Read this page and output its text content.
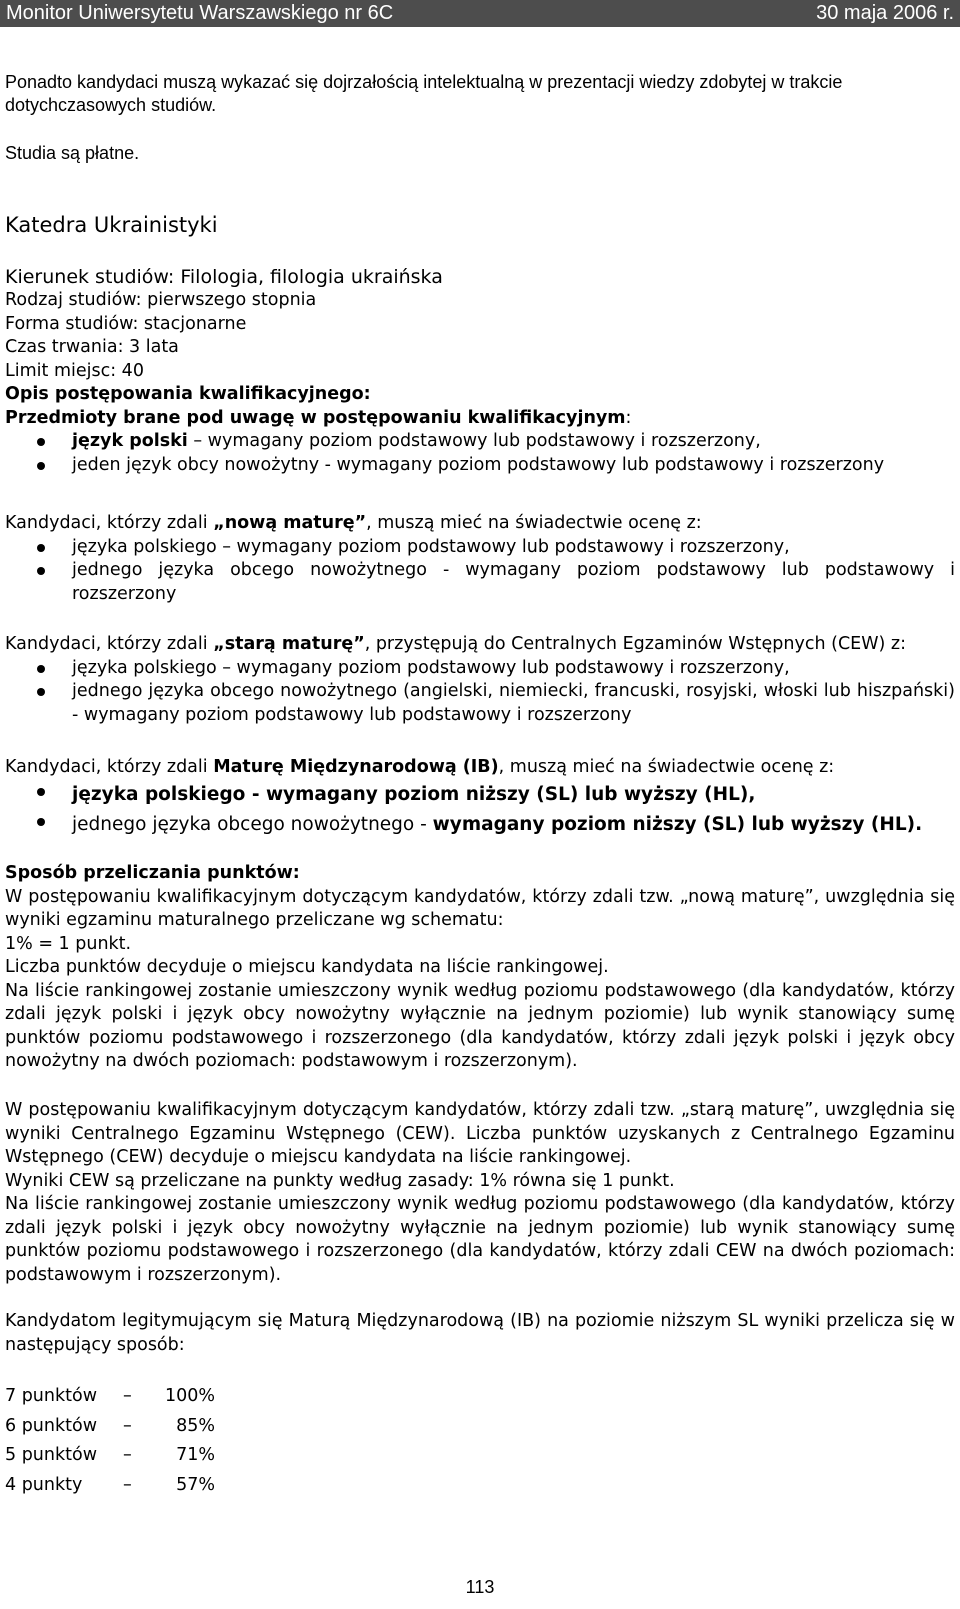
Monitor Uniwersytetu Warszawskiego nr 6C	30 maja 2006 r.
Ponadto kandydaci muszą wykazać się dojrzałością intelektualną w prezentacji wiedzy zdobytej w trakcie dotychczasowych studiów.
Studia są płatne.
Katedra Ukrainistyki
Kierunek studiów: Filologia, filologia ukraińska
Rodzaj studiów: pierwszego stopnia
Forma studiów: stacjonarne
Czas trwania: 3 lata
Limit miejsc: 40
Opis postępowania kwalifikacyjnego:
Przedmioty brane pod uwagę w postępowaniu kwalifikacyjnym:
język polski – wymagany poziom podstawowy lub podstawowy i rozszerzony,
jeden język obcy nowożytny - wymagany poziom podstawowy lub podstawowy i rozszerzony
Kandydaci, którzy zdali „nową maturę”, muszą mieć na świadectwie ocenę z:
języka polskiego – wymagany poziom podstawowy lub podstawowy i rozszerzony,
jednego języka obcego nowożytnego - wymagany poziom podstawowy lub podstawowy i rozszerzony
Kandydaci, którzy zdali „starą maturę”, przystępują do Centralnych Egzaminów Wstępnych (CEW) z:
języka polskiego – wymagany poziom podstawowy lub podstawowy i rozszerzony,
jednego języka obcego nowożytnego (angielski, niemiecki, francuski, rosyjski, włoski lub hiszpański) - wymagany poziom podstawowy lub podstawowy i rozszerzony
Kandydaci, którzy zdali Maturę Międzynarodową (IB), muszą mieć na świadectwie ocenę z:
języka polskiego - wymagany poziom niższy (SL) lub wyższy (HL),
jednego języka obcego nowożytnego - wymagany poziom niższy (SL) lub wyższy (HL).
Sposób przeliczania punktów:
W postępowaniu kwalifikacyjnym dotyczącym kandydatów, którzy zdali tzw. „nową maturę”, uwzględnia się wyniki egzaminu maturalnego przeliczane wg schematu:
1% = 1 punkt.
Liczba punktów decyduje o miejscu kandydata na liście rankingowej.
Na liście rankingowej zostanie umieszczony wynik według poziomu podstawowego (dla kandydatów, którzy zdali język polski i język obcy nowożytny wyłącznie na jednym poziomie) lub wynik stanowiący sumę punktów poziomu podstawowego i rozszerzonego (dla kandydatów, którzy zdali język polski i język obcy nowożytny na dwóch poziomach: podstawowym i rozszerzonym).
W postępowaniu kwalifikacyjnym dotyczącym kandydatów, którzy zdali tzw. „starą maturę”, uwzględnia się wyniki Centralnego Egzaminu Wstępnego (CEW). Liczba punktów uzyskanych z Centralnego Egzaminu Wstępnego (CEW) decyduje o miejscu kandydata na liście rankingowej.
Wyniki CEW są przeliczane na punkty według zasady: 1% równa się 1 punkt.
Na liście rankingowej zostanie umieszczony wynik według poziomu podstawowego (dla kandydatów, którzy zdali język polski i język obcy nowożytny wyłącznie na jednym poziomie) lub wynik stanowiący sumę punktów poziomu podstawowego i rozszerzonego (dla kandydatów, którzy zdali CEW na dwóch poziomach: podstawowym i rozszerzonym).
Kandydatom legitymującym się Maturą Międzynarodową (IB) na poziomie niższym SL wyniki przelicza się w następujący sposób:
7 punktów – 100%
6 punktów –	85%
5 punktów –	71%
4 punkty –	57%
113
